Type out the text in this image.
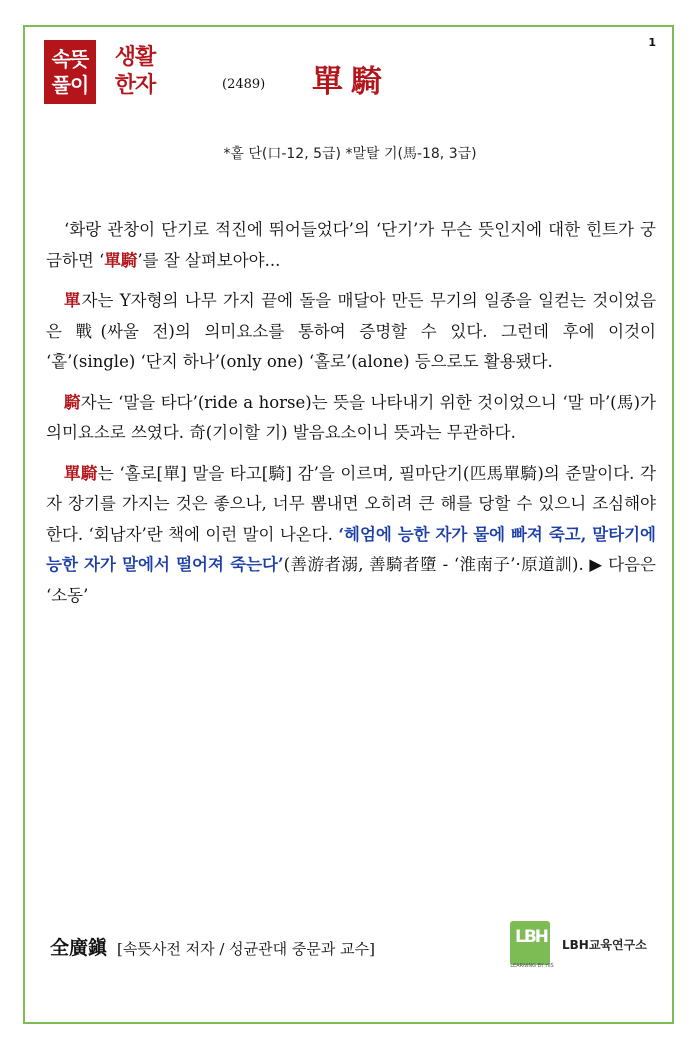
1
속뜻
풀이
생활
한자	(2489) 單騎
*홑 단(口-12, 5급) *말탈 기(馬-18, 3급)

‘화랑 관창이 단기로 적진에 뛰어들었다’의 ‘단기’가 무슨 뜻인지에 대한 힌트가 궁금하면 ‘單騎’를 잘 살펴보아야...

單자는 Y자형의 나무 가지 끝에 돌을 매달아 만든 무기의 일종을 일컫는 것이었음은 戰(싸울 전)의 의미요소를 통하여 증명할 수 있다. 그런데 후에 이것이 ‘홑’(single) ‘단지 하나’(only one) ‘홀로’(alone) 등으로도 활용됐다.

騎자는 ‘말을 타다’(ride a horse)는 뜻을 나타내기 위한 것이었으니 ‘말 마’(馬)가 의미요소로 쓰였다. 奇(기이할 기) 발음요소이니 뜻과는 무관하다.

單騎는 ‘홀로[單] 말을 타고[騎] 감’을 이르며, 필마단기(匹馬單騎)의 준말이다. 각자 장기를 가지는 것은 좋으나, 너무 뽐내면 오히려 큰 해를 당할 수 있으니 조심해야한다. ‘회남자’란 책에 이런 말이 나온다. ‘헤엄에 능한 자가 물에 빠져 죽고, 말타기에 능한 자가 말에서 떨어져 죽는다’(善游者溺, 善騎者墮 - ‘淮南子’·原道訓). ▶ 다음은 ‘소동’

全廣鎭 [속뜻사전 저자 / 성균관대 중문과 교수]
LBH
LEARNING BY HIS
LBH교육연구소
